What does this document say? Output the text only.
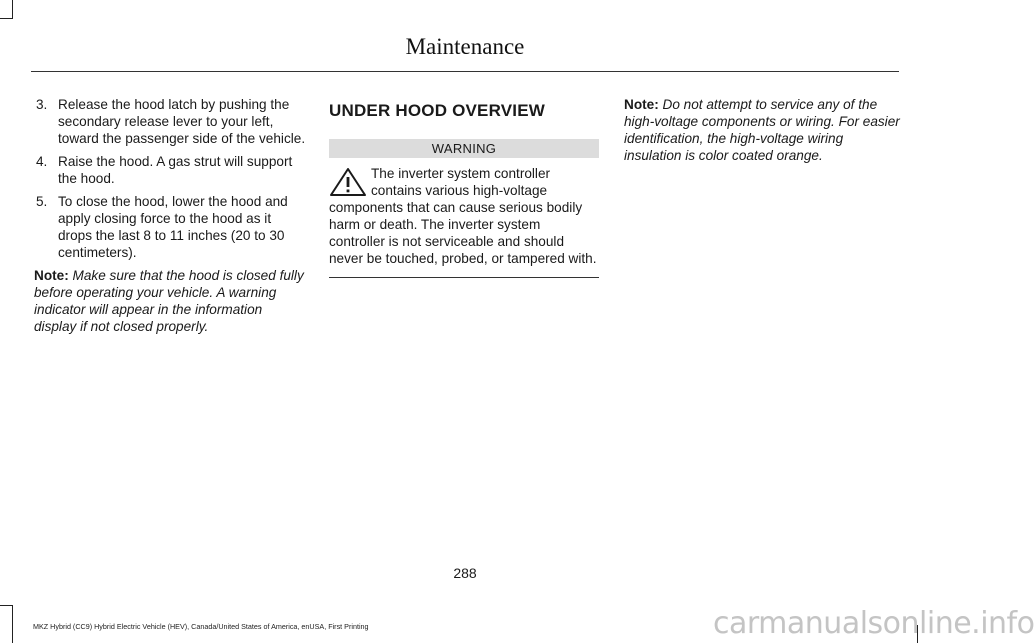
Maintenance
3. Release the hood latch by pushing the secondary release lever to your left, toward the passenger side of the vehicle.
4. Raise the hood. A gas strut will support the hood.
5. To close the hood, lower the hood and apply closing force to the hood as it drops the last 8 to 11 inches (20 to 30 centimeters).

Note: Make sure that the hood is closed fully before operating your vehicle. A warning indicator will appear in the information display if not closed properly.

UNDER HOOD OVERVIEW
WARNING
The inverter system controller contains various high-voltage components that can cause serious bodily harm or death. The inverter system controller is not serviceable and should never be touched, probed, or tampered with.

Note: Do not attempt to service any of the high-voltage components or wiring. For easier identification, the high-voltage wiring insulation is color coated orange.

288
MKZ Hybrid (CC9) Hybrid Electric Vehicle (HEV), Canada/United States of America, enUSA, First Printing	carmanualsonline.info
